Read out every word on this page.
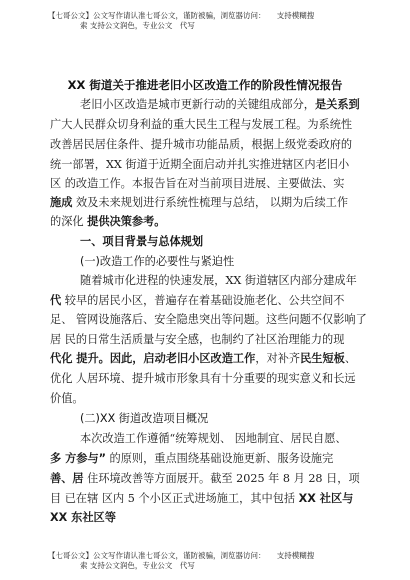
【七哥公文】公文写作请认准七哥公文，谨防被骗，浏览器访问：　　支持模糊搜
索 支持公文润色，专业公文　代写
XX 街道关于推进老旧小区改造工作的阶段性情况报告
老旧小区改造是城市更新行动的关键组成部分，是关系到
广大人民群众切身利益的重大民生工程与发展工程。为系统性
改善居民居住条件、提升城市功能品质，根据上级党委政府的
统一部署，XX 街道于近期全面启动并扎实推进辖区内老旧小
区 的改造工作。本报告旨在对当前项目进展、主要做法、实
施成 效及未来规划进行系统性梳理与总结， 以期为后续工作
的深化 提供决策参考。
一、项目背景与总体规划
(一)改造工作的必要性与紧迫性
随着城市化进程的快速发展，XX 街道辖区内部分建成年
代 较早的居民小区，普遍存在着基础设施老化、公共空间不
足、 管网设施落后、安全隐患突出等问题。这些问题不仅影响了
居 民的日常生活质量与安全感，也制约了社区治理能力的现
代化 提升。因此，启动老旧小区改造工作，对补齐民生短板、
优化 人居环境、提升城市形象具有十分重要的现实意义和长远
价值。
(二)XX 街道改造项目概况
本次改造工作遵循“统筹规划、 因地制宜、居民自愿、
多 方参与” 的原则，重点围绕基础设施更新、服务设施完
善、居 住环境改善等方面展开。截至 2025 年 8 月 28 日，项
目 已在辖 区内 5 个小区正式进场施工，其中包括 XX 社区与
XX 东社区等
【七哥公文】公文写作请认准七哥公文，谨防被骗，浏览器访问：　　支持模糊搜
索 支持公文润色，专业公文　代写
